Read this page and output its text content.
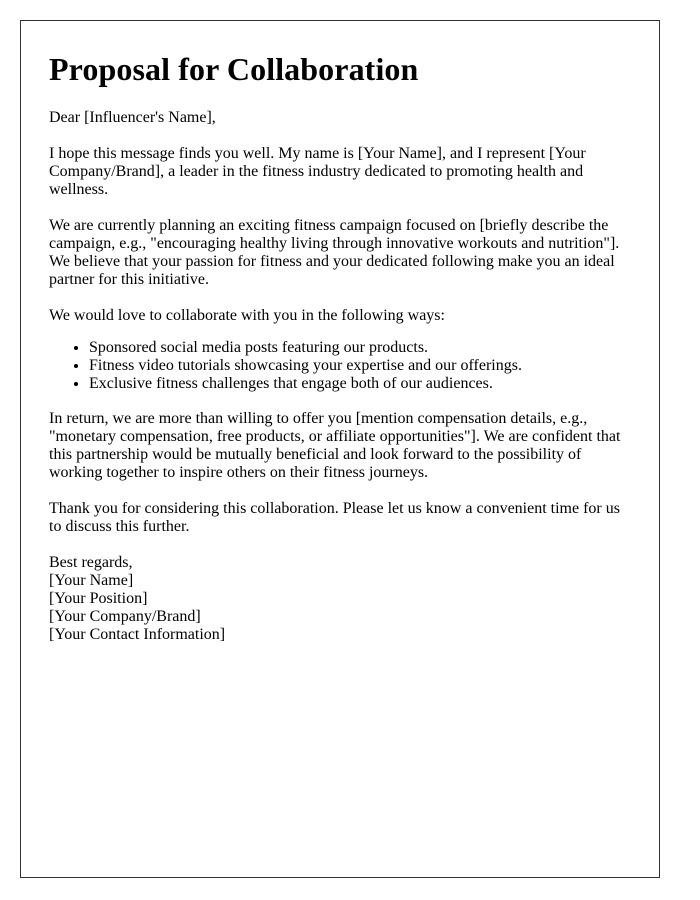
Proposal for Collaboration

Dear [Influencer's Name],

I hope this message finds you well. My name is [Your Name], and I represent [Your Company/Brand], a leader in the fitness industry dedicated to promoting health and wellness.

We are currently planning an exciting fitness campaign focused on [briefly describe the campaign, e.g., "encouraging healthy living through innovative workouts and nutrition"]. We believe that your passion for fitness and your dedicated following make you an ideal partner for this initiative.

We would love to collaborate with you in the following ways:

• Sponsored social media posts featuring our products.
• Fitness video tutorials showcasing your expertise and our offerings.
• Exclusive fitness challenges that engage both of our audiences.

In return, we are more than willing to offer you [mention compensation details, e.g., "monetary compensation, free products, or affiliate opportunities"]. We are confident that this partnership would be mutually beneficial and look forward to the possibility of working together to inspire others on their fitness journeys.

Thank you for considering this collaboration. Please let us know a convenient time for us to discuss this further.

Best regards,
[Your Name]
[Your Position]
[Your Company/Brand]
[Your Contact Information]
